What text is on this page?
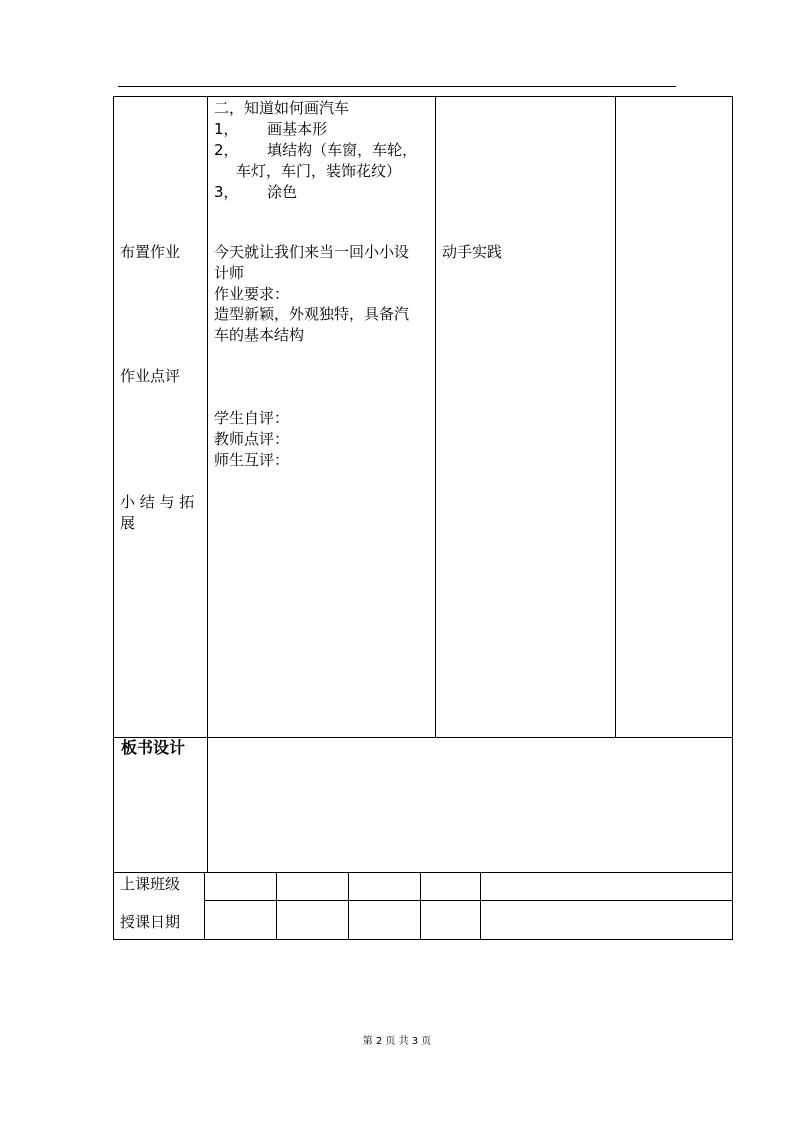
二，知道如何画汽车
1，      画基本形
2，      填结构（车窗，车轮，
车灯，车门，装饰花纹）
3，      涂色
布置作业 今天就让我们来当一回小小设
计师
作业要求：
造型新颖，外观独特，具备汽
车的基本结构
动手实践
作业点评
学生自评：
教师点评：
师生互评：
小 结 与 拓
展
板书设计
上课班级
授课日期
第 2 页 共 3 页
